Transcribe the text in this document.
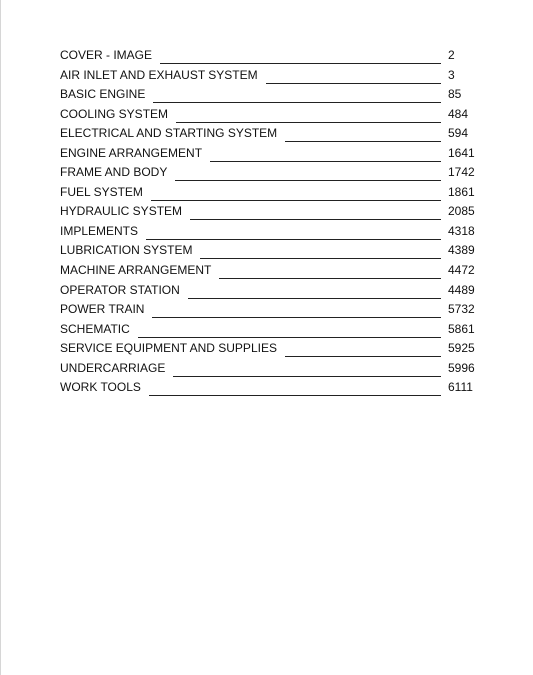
COVER - IMAGE	2
AIR INLET AND EXHAUST SYSTEM	3
BASIC ENGINE	85
COOLING SYSTEM	484
ELECTRICAL AND STARTING SYSTEM	594
ENGINE ARRANGEMENT	1641
FRAME AND BODY	1742
FUEL SYSTEM	1861
HYDRAULIC SYSTEM	2085
IMPLEMENTS	4318
LUBRICATION SYSTEM	4389
MACHINE ARRANGEMENT	4472
OPERATOR STATION	4489
POWER TRAIN	5732
SCHEMATIC	5861
SERVICE EQUIPMENT AND SUPPLIES	5925
UNDERCARRIAGE	5996
WORK TOOLS	6111
